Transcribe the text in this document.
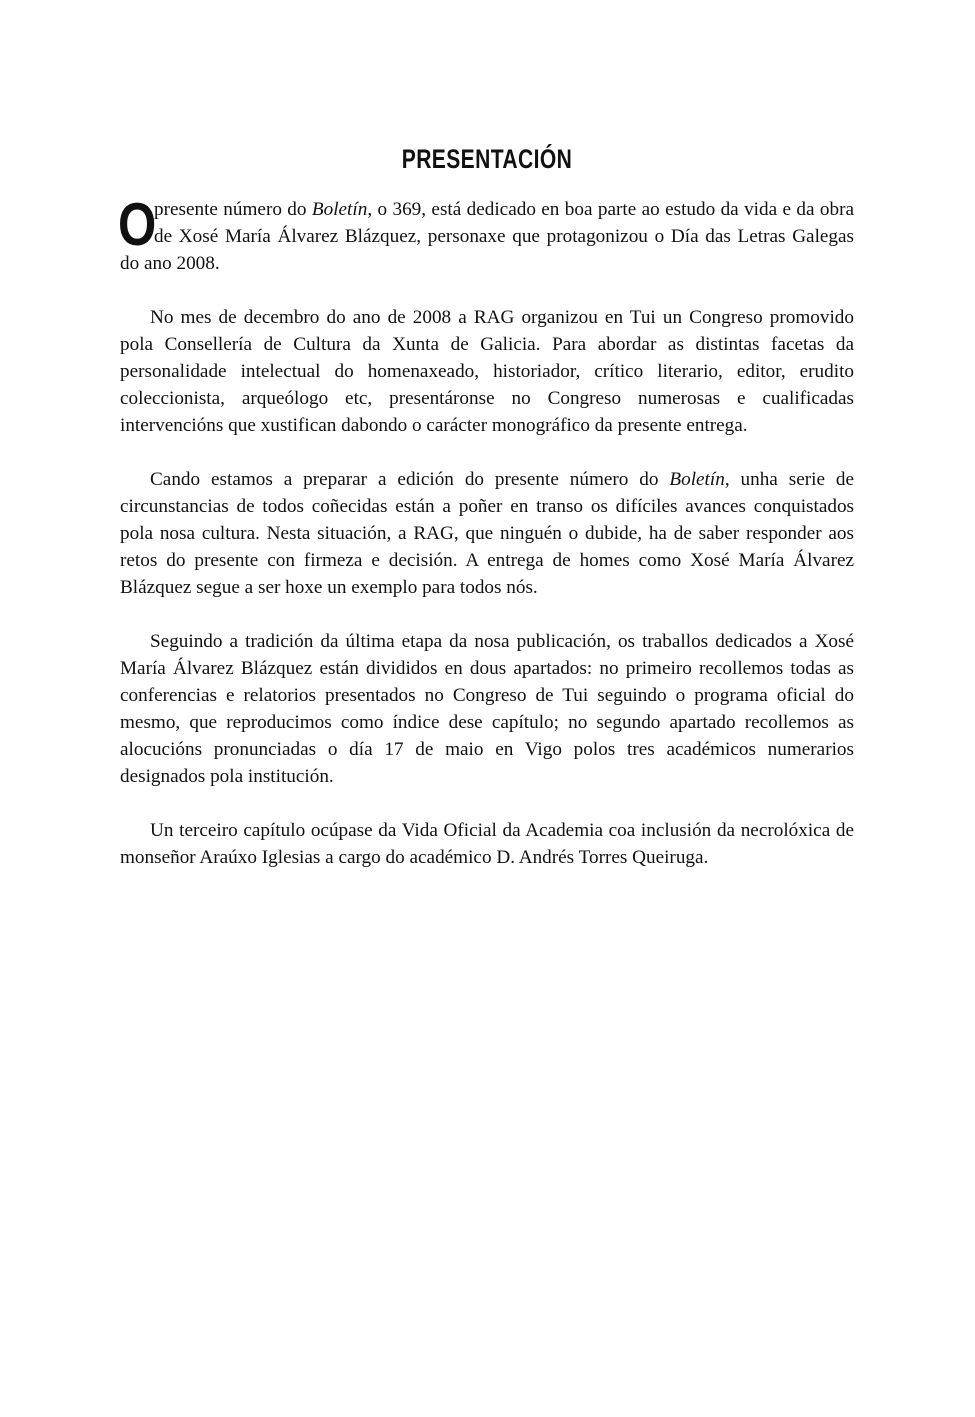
PRESENTACIÓN

O
presente número do Boletín, o 369, está dedicado en boa parte ao estudo da vida e da obra de Xosé María Álvarez Blázquez, personaxe que protagonizou o Día das Letras Galegas do ano 2008.

No mes de decembro do ano de 2008 a RAG organizou en Tui un Congreso promovido pola Consellería de Cultura da Xunta de Galicia. Para abordar as distintas facetas da personalidade intelectual do homenaxeado, historiador, crítico literario, editor, erudito coleccionista, arqueólogo etc, presentáronse no Congreso numerosas e cualificadas intervencións que xustifican dabondo o carácter monográfico da presente entrega.

Cando estamos a preparar a edición do presente número do Boletín, unha serie de circunstancias de todos coñecidas están a poñer en transo os difíciles avances conquistados pola nosa cultura. Nesta situación, a RAG, que ninguén o dubide, ha de saber responder aos retos do presente con firmeza e decisión. A entrega de homes como Xosé María Álvarez Blázquez segue a ser hoxe un exemplo para todos nós.

Seguindo a tradición da última etapa da nosa publicación, os traballos dedicados a Xosé María Álvarez Blázquez están divididos en dous apartados: no primeiro recollemos todas as conferencias e relatorios presentados no Congreso de Tui seguindo o programa oficial do mesmo, que reproducimos como índice dese capítulo; no segundo apartado recollemos as alocucións pronunciadas o día 17 de maio en Vigo polos tres académicos numerarios designados pola institución.

Un terceiro capítulo ocúpase da Vida Oficial da Academia coa inclusión da necrolóxica de monseñor Araúxo Iglesias a cargo do académico D. Andrés Torres Queiruga.
